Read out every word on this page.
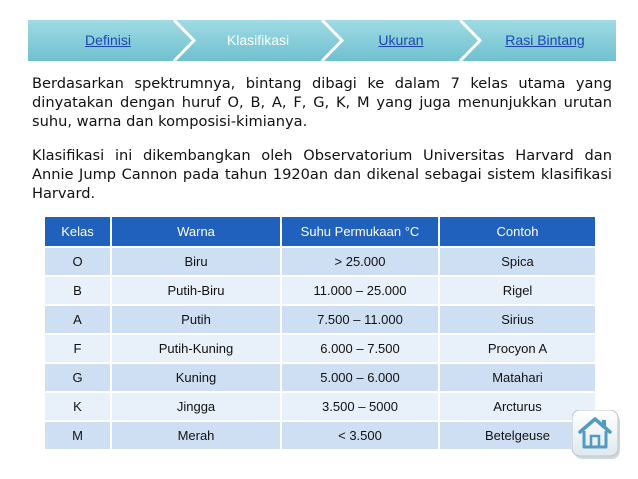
Definisi	Klasifikasi	Ukuran	Rasi Bintang

Berdasarkan spektrumnya, bintang dibagi ke dalam 7 kelas utama yang dinyatakan dengan huruf O, B, A, F, G, K, M yang juga menunjukkan urutan suhu, warna dan komposisi-kimianya.

Klasifikasi ini dikembangkan oleh Observatorium Universitas Harvard dan Annie Jump Cannon pada tahun 1920an dan dikenal sebagai sistem klasifikasi Harvard.

Kelas	Warna	Suhu Permukaan °C	Contoh
O	Biru	> 25.000	Spica
B	Putih-Biru	11.000 – 25.000	Rigel
A	Putih	7.500 – 11.000	Sirius
F	Putih-Kuning	6.000 – 7.500	Procyon A
G	Kuning	5.000 – 6.000	Matahari
K	Jingga	3.500 – 5000	Arcturus
M	Merah	< 3.500	Betelgeuse
